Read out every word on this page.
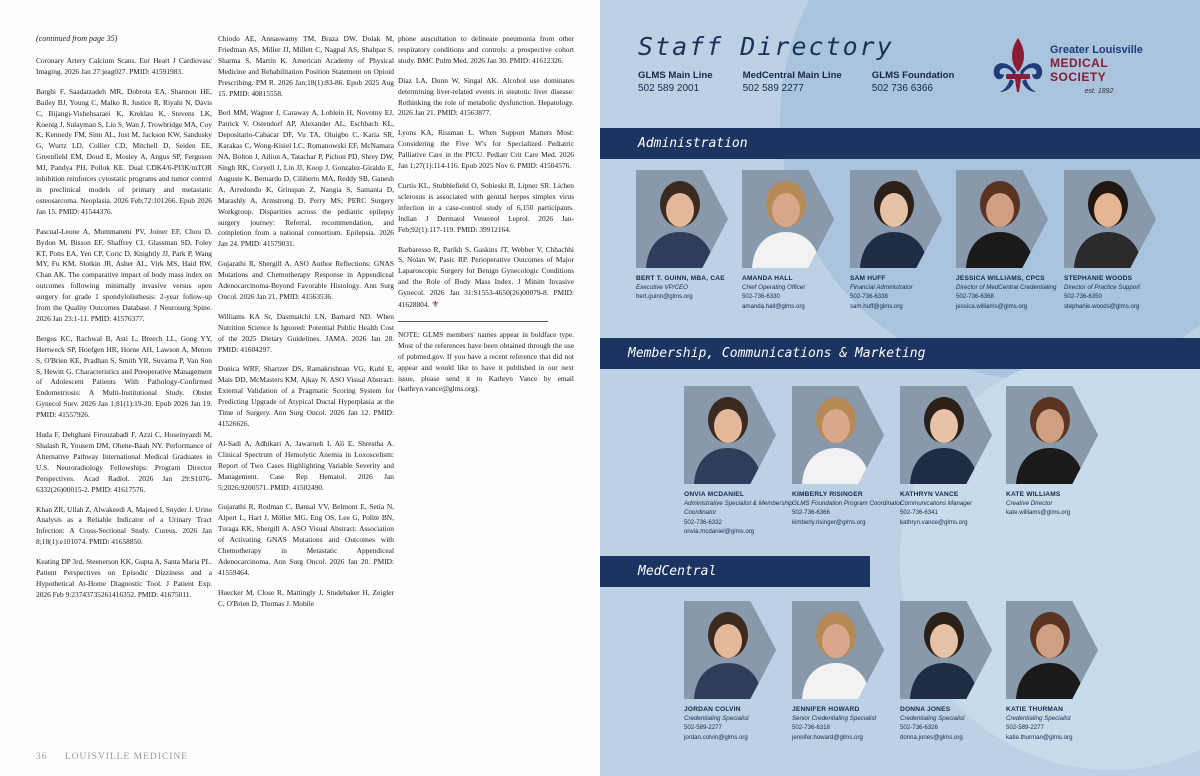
(continued from page 35)

Coronary Artery Calcium Scans. Eur Heart J Cardiovasc Imaging. 2026 Jan 27:jeag027. PMID: 41591983.

Barghi F, Saadatzadeh MR, Dobrota EA, Shannon HE, Bailey BJ, Young C, Malko R, Justice R, Riyahi N, Davis C, Bijangi-Vishehsaraei K, Kreklau K, Stevens LK, Koenig J, Sulayman S, Liu S, Wan J, Trowbridge MA, Coy K, Kennedy FM, Sinn AL, Just M, Jackson KW, Sandusky G, Wurtz LD, Collier CD, Mitchell D, Seiden EE, Greenfield EM, Doud E, Mosley A, Angus SP, Ferguson MJ, Pandya PH, Pollok KE. Dual CDK4/6-PI3K/mTOR inhibition reinforces cytostatic programs and tumor control in preclinical models of primary and metastatic osteosarcoma. Neoplasia. 2026 Feb;72:101266. Epub 2026 Jan 15. PMID: 41544376.

Pascual-Leone A, Mummaneni PV, Joiner EF, Chou D, Bydon M, Bisson EF, Shaffrey CI, Glassman SD, Foley KT, Potts EA, Yen CP, Coric D, Knightly JJ, Park P, Wang MY, Fu KM, Slotkin JR, Asher AL, Virk MS, Haid RW, Chan AK. The comparative impact of body mass index on outcomes following minimally invasive versus open surgery for grade 1 spondylolisthesis: 2-year follow-up from the Quality Outcomes Database. J Neurosurg Spine. 2026 Jan 23:1-11. PMID: 41576377.

Bergus KC, Rachwal B, Asti L, Breech LL, Gong YY, Hertweck SP, Hoefgen HR, Horne AH, Lawson A, Menon S, O'Brien KE, Pradhan S, Smith YR, Suvarna P, Van Son S, Hewitt G. Characteristics and Preoperative Management of Adolescent Patients With Pathology-Confirmed Endometriosis: A Multi-Institutional Study. Obstet Gynecol Surv. 2026 Jan 1;81(1):19-20. Epub 2026 Jan 19. PMID: 41557926.

Huda F, Dehghani Firouzabadi F, Azzi C, Hoseinyazdi M, Shalash R, Yousem DM, Ohene-Baah NY. Performance of Alternative Pathway International Medical Graduates in U.S. Neuroradiology Fellowships: Program Director Perspectives. Acad Radiol. 2026 Jan 29:S1076-6332(26)00015-2. PMID: 41617576.

Khan ZR, Ullah Z, Alwakeedi A, Majeed I, Snyder J. Urine Analysis as a Reliable Indicator of a Urinary Tract Infection: A Cross-Sectional Study. Cureus. 2026 Jan 8;18(1):e101074. PMID: 41658850.

Keating DP 3rd, Steenerson KK, Gupta A, Santa Maria PL. Patient Perspectives on Episodic Dizziness and a Hypothetical At-Home Diagnostic Tool. J Patient Exp. 2026 Feb 9:23743735261416352. PMID: 41675011.

Chiodo AE, Annaswamy TM, Braza DW, Dolak M, Friedman AS, Miller JJ, Millett C, Nagpal AS, Shahpar S, Sharma S, Martin K. American Academy of Physical Medicine and Rehabilitation Position Statement on Opioid Prescribing. PM R. 2026 Jan;18(1):83-86. Epub 2025 Aug 15. PMID: 40815558.

Berl MM, Wagner J, Caraway A, Loblein H, Novotny EJ, Patrick V, Ostendorf AP, Alexander AL, Eschbach KL, Depositario-Cabacar DF, Vu TA, Oluigbo C, Karia SR, Karakas C, Wong-Kisiel LC, Romanowski EF, McNamara NA, Bolton J, Ailion A, Tatachar P, Pichon PD, Shrey DW, Singh RK, Coryell J, Lin JJ, Koop J, Gonzalez-Giraldo E, Auguste K, Bernardo D, Ciliberto MA, Reddy SB, Ganesh A, Arredondo K, Grinspan Z, Nangia S, Samanta D, Marashly A, Armstrong D, Perry MS; PERC Surgery Workgroup. Disparities across the pediatric epilepsy surgery journey: Referral, recommendation, and completion from a national consortium. Epilepsia. 2026 Jan 24. PMID: 41579031.

Gujarathi R, Shergill A. ASO Author Reflections: GNAS Mutations and Chemotherapy Response in Appendiceal Adenocarcinoma-Beyond Favorable Histology. Ann Surg Oncol. 2026 Jan 21. PMID: 41563536.

Williams KA Sr, Dastmalchi LN, Barnard ND. When Nutrition Science Is Ignored: Potential Public Health Cost of the 2025 Dietary Guidelines. JAMA. 2026 Jan 28. PMID: 41604297.

Donica WRF, Shartzer DS, Ramakrishnan VG, Kuhl E, Mais DD, McMasters KM, Ajkay N. ASO Visual Abstract: External Validation of a Pragmatic Scoring System for Predicting Upgrade of Atypical Ductal Hyperplasia at the Time of Surgery. Ann Surg Oncol. 2026 Jan 12. PMID: 41526626.

Al-Sadi A, Adhikari A, Jawarneh I, Ali E, Shrestha A. Clinical Spectrum of Hemolytic Anemia in Loxoscelism: Report of Two Cases Highlighting Variable Severity and Management. Case Rep Hematol. 2026 Jan 5;2026:9200571. PMID: 41502490.

Gujarathi R, Rodman C, Bansal VV, Belmont E, Setia N, Alpert L, Hart J, Möller MG, Eng OS, Lee G, Polite BN, Turaga KK, Shergill A. ASO Visual Abstract: Association of Activating GNAS Mutations and Outcomes with Chemotherapy in Metastatic Appendiceal Adenocarcinoma. Ann Surg Oncol. 2026 Jan 20. PMID: 41559464.

Huecker M, Close R, Mattingly J, Studebaker H, Zeigler C, O'Brien D, Thomas J. Mobile

phone auscultation to delineate pneumonia from other respiratory conditions and controls: a prospective cohort study. BMC Pulm Med. 2026 Jan 30. PMID: 41612326.

Diaz LA, Dunn W, Singal AK. Alcohol use dominates determining liver-related events in steatotic liver disease: Rethinking the role of metabolic dysfunction. Hepatology. 2026 Jan 21. PMID: 41563877.

Lyons KA, Rissman L. When Support Matters Most: Considering the Five W's for Specialized Pediatric Palliative Care in the PICU. Pediatr Crit Care Med. 2026 Jan 1;27(1):114-116. Epub 2025 Nov 6. PMID: 41504576.

Curtis KL, Stubblefield O, Sobieski B, Lipner SR. Lichen sclerosus is associated with genital herpes simplex virus infection in a case-control study of 6,150 participants. Indian J Dermatol Venereol Leprol. 2026 Jan-Feb;92(1):117-119. PMID: 39912164.

Barbaresso R, Parikh S, Gaskins JT, Webber V, Chhachhi S, Nolan W, Pasic RP. Perioperative Outcomes of Major Laparoscopic Surgery for Benign Gynecologic Conditions and the Role of Body Mass Index. J Minim Invasive Gynecol. 2026 Jan 31:S1553-4650(26)00079-8. PMID: 41628804. ⚜

NOTE: GLMS members' names appear in boldface type. Most of the references have been obtained through the use of pubmed.gov. If you have a recent reference that did not appear and would like to have it published in our next issue, please send it to Kathryn Vance by email (kathryn.vance@glms.org).

36 LOUISVILLE MEDICINE
Staff Directory
GLMS Main Line
502 589 2001
MedCentral Main Line
502 589 2277
GLMS Foundation
502 736 6366
Greater Louisville
MEDICAL SOCIETY
est. 1892
Administration
BERT T. GUINN, MBA, CAE
Executive VP/CEO
bert.guinn@glms.org
AMANDA HALL
Chief Operating Officer
502-736-6330
amanda.hall@glms.org
SAM HUFF
Financial Administrator
502-736-6338
sam.huff@glms.org
JESSICA WILLIAMS, CPCS
Director of MedCentral Credentialing
502-736-6368
jessica.williams@glms.org
STEPHANIE WOODS
Director of Practice Support
502-736-6350
stephanie.woods@glms.org
Membership, Communications & Marketing
ONVIA MCDANIEL
Administrative Specialist & Membership Coordinator
502-736-6332
onvia.mcdaniel@glms.org
KIMBERLY RISINGER
GLMS Foundation Program Coordinator
502-736-6366
kimberly.risinger@glms.org
KATHRYN VANCE
Communications Manager
502-736-6341
kathryn.vance@glms.org
KATE WILLIAMS
Creative Director
kate.williams@glms.org
MedCentral
JORDAN COLVIN
Credentialing Specialist
502-589-2277
jordan.colvin@glms.org
JENNIFER HOWARD
Senior Credentialing Specialist
502-736-6318
jennifer.howard@glms.org
DONNA JONES
Credentialing Specialist
502-736-6326
donna.jones@glms.org
KATIE THURMAN
Credentialing Specialist
502-589-2277
katie.thurman@glms.org
